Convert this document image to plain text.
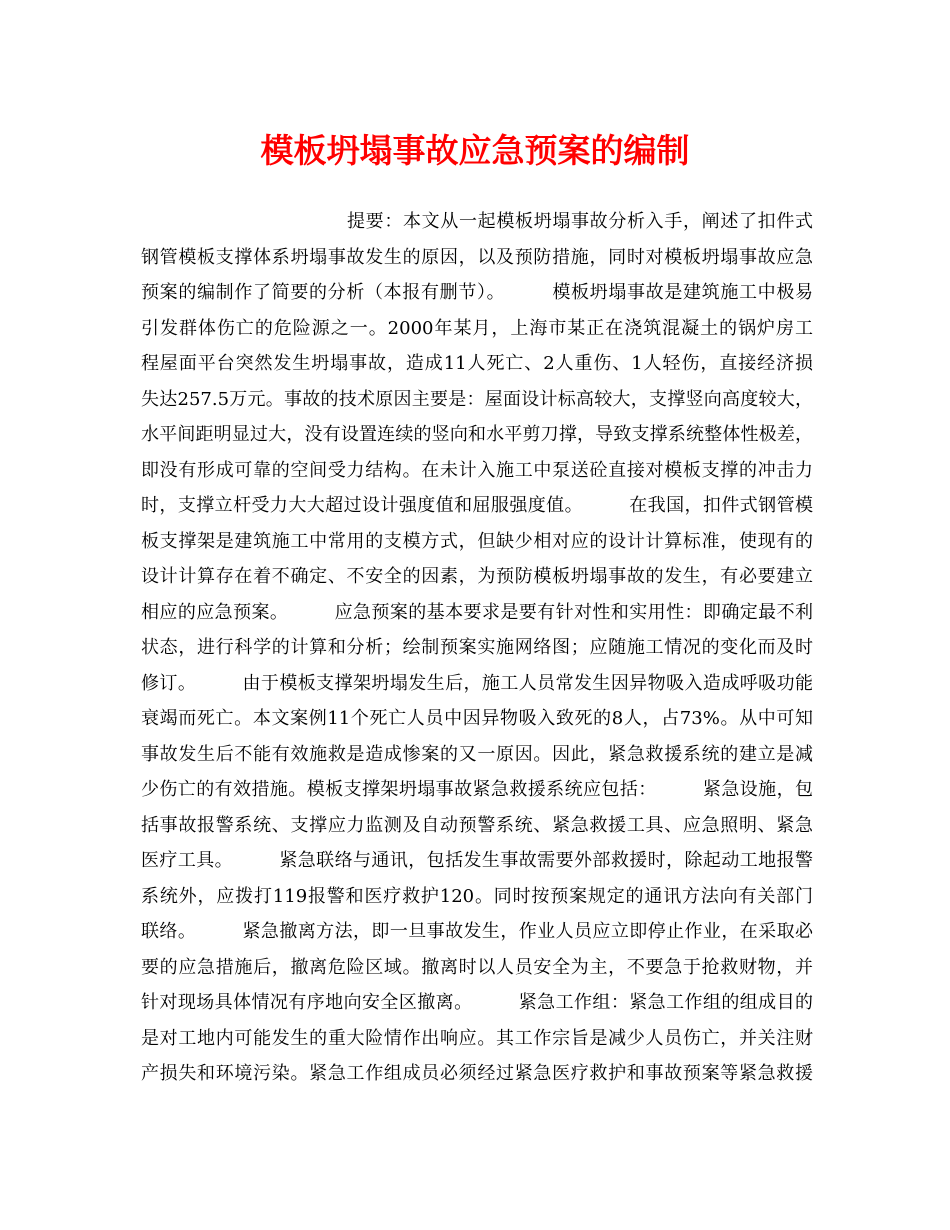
模板坍塌事故应急预案的编制
提要：本文从一起模板坍塌事故分析入手，阐述了扣件式
钢管模板支撑体系坍塌事故发生的原因，以及预防措施，同时对模板坍塌事故应急
预案的编制作了简要的分析（本报有删节）。　　　模板坍塌事故是建筑施工中极易
引发群体伤亡的危险源之一。2000年某月，上海市某正在浇筑混凝土的锅炉房工
程屋面平台突然发生坍塌事故，造成11人死亡、2人重伤、1人轻伤，直接经济损
失达257.5万元。事故的技术原因主要是：屋面设计标高较大，支撑竖向高度较大，
水平间距明显过大，没有设置连续的竖向和水平剪刀撑，导致支撑系统整体性极差，
即没有形成可靠的空间受力结构。在未计入施工中泵送砼直接对模板支撑的冲击力
时，支撑立杆受力大大超过设计强度值和屈服强度值。　　　在我国，扣件式钢管模
板支撑架是建筑施工中常用的支模方式，但缺少相对应的设计计算标准，使现有的
设计计算存在着不确定、不安全的因素，为预防模板坍塌事故的发生，有必要建立
相应的应急预案。　　　应急预案的基本要求是要有针对性和实用性：即确定最不利
状态，进行科学的计算和分析；绘制预案实施网络图；应随施工情况的变化而及时
修订。　　　由于模板支撑架坍塌发生后，施工人员常发生因异物吸入造成呼吸功能
衰竭而死亡。本文案例11个死亡人员中因异物吸入致死的8人，占73%。从中可知
事故发生后不能有效施救是造成惨案的又一原因。因此，紧急救援系统的建立是减
少伤亡的有效措施。模板支撑架坍塌事故紧急救援系统应包括：　　　紧急设施，包
括事故报警系统、支撑应力监测及自动预警系统、紧急救援工具、应急照明、紧急
医疗工具。　　　紧急联络与通讯，包括发生事故需要外部救援时，除起动工地报警
系统外，应拨打119报警和医疗救护120。同时按预案规定的通讯方法向有关部门
联络。　　　紧急撤离方法，即一旦事故发生，作业人员应立即停止作业，在采取必
要的应急措施后，撤离危险区域。撤离时以人员安全为主，不要急于抢救财物，并
针对现场具体情况有序地向安全区撤离。　　　紧急工作组：紧急工作组的组成目的
是对工地内可能发生的重大险情作出响应。其工作宗旨是减少人员伤亡，并关注财
产损失和环境污染。紧急工作组成员必须经过紧急医疗救护和事故预案等紧急救援
